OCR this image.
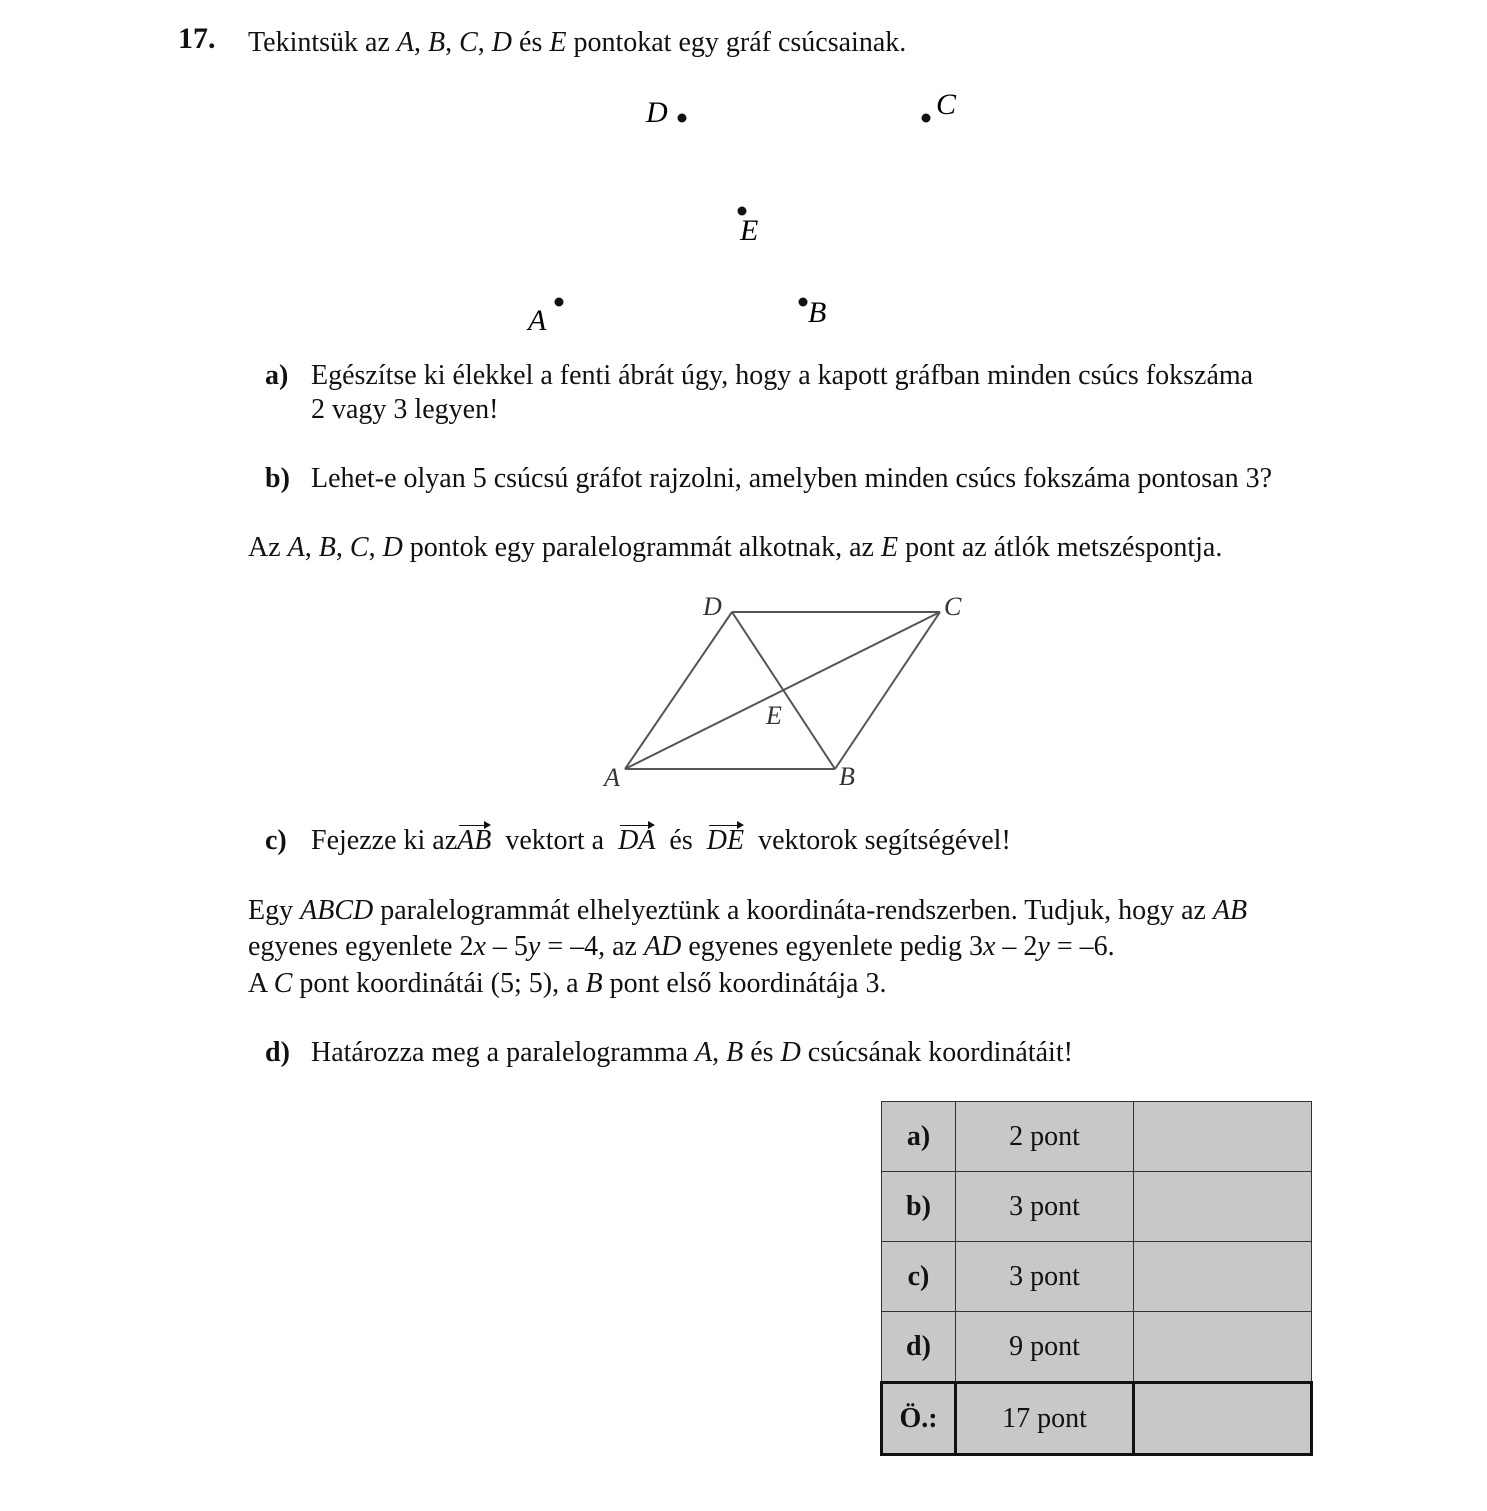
17. Tekintsük az A, B, C, D és E pontokat egy gráf csúcsainak.
D	C
E
A	B
a) Egészítse ki élekkel a fenti ábrát úgy, hogy a kapott gráfban minden csúcs fokszáma
2 vagy 3 legyen!
b) Lehet-e olyan 5 csúcsú gráfot rajzolni, amelyben minden csúcs fokszáma pontosan 3?
Az A, B, C, D pontok egy paralelogrammát alkotnak, az E pont az átlók metszéspontja.
D	C
E
A	B
c) Fejezze ki azAB vektort a DA és DE vektorok segítségével!
Egy ABCD paralelogrammát elhelyeztünk a koordináta-rendszerben. Tudjuk, hogy az AB
egyenes egyenlete 2x – 5y = –4, az AD egyenes egyenlete pedig 3x – 2y = –6.
A C pont koordinátái (5; 5), a B pont első koordinátája 3.
d) Határozza meg a paralelogramma A, B és D csúcsának koordinátáit!
a)	2 pont	
b)	3 pont	
c)	3 pont	
d)	9 pont	
Ö.:	17 pont	
